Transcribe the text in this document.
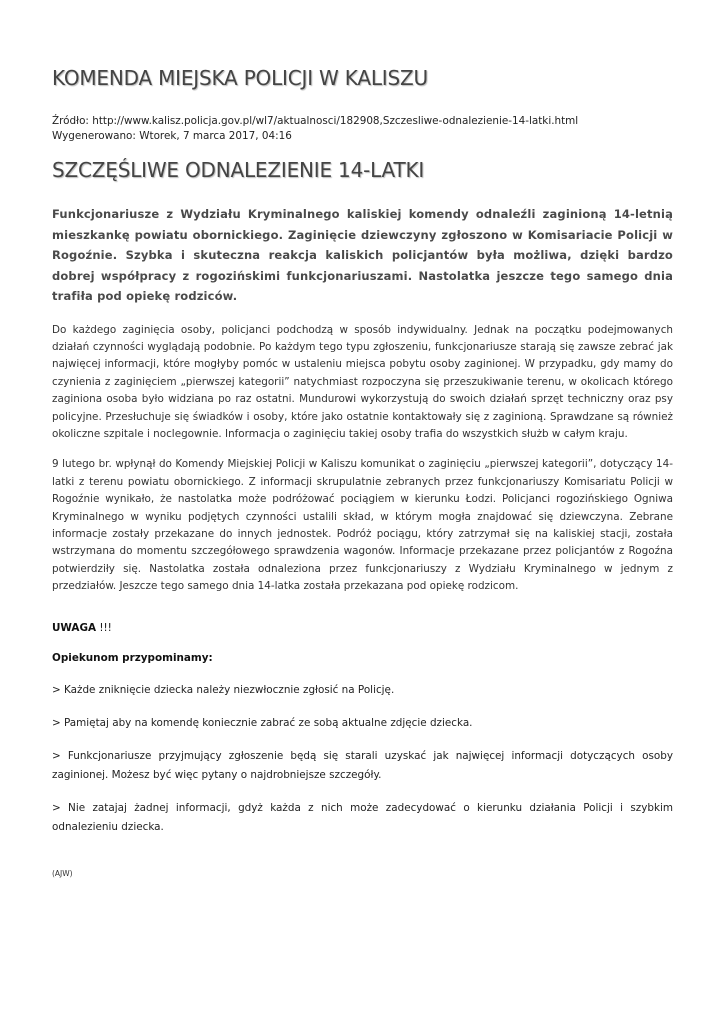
KOMENDA MIEJSKA POLICJI W KALISZU
Źródło: http://www.kalisz.policja.gov.pl/wl7/aktualnosci/182908,Szczesliwe-odnalezienie-14-latki.html
Wygenerowano: Wtorek, 7 marca 2017, 04:16
SZCZĘŚLIWE ODNALEZIENIE 14-LATKI
Funkcjonariusze z Wydziału Kryminalnego kaliskiej komendy odnaleźli zaginioną 14-letnią mieszkankę powiatu obornickiego. Zaginięcie dziewczyny zgłoszono w Komisariacie Policji w Rogoźnie. Szybka i skuteczna reakcja kaliskich policjantów była możliwa, dzięki bardzo dobrej współpracy z rogozińskimi funkcjonariuszami. Nastolatka jeszcze tego samego dnia trafiła pod opiekę rodziców.
Do każdego zaginięcia osoby, policjanci podchodzą w sposób indywidualny. Jednak na początku podejmowanych działań czynności wyglądają podobnie. Po każdym tego typu zgłoszeniu, funkcjonariusze starają się zawsze zebrać jak najwięcej informacji, które mogłyby pomóc w ustaleniu miejsca pobytu osoby zaginionej. W przypadku, gdy mamy do czynienia z zaginięciem „pierwszej kategorii” natychmiast rozpoczyna się przeszukiwanie terenu, w okolicach którego zaginiona osoba było widziana po raz ostatni. Mundurowi wykorzystują do swoich działań sprzęt techniczny oraz psy policyjne. Przesłuchuje się świadków i osoby, które jako ostatnie kontaktowały się z zaginioną. Sprawdzane są również okoliczne szpitale i noclegownie. Informacja o zaginięciu takiej osoby trafia do wszystkich służb w całym kraju.
9 lutego br. wpłynął do Komendy Miejskiej Policji w Kaliszu komunikat o zaginięciu „pierwszej kategorii”, dotyczący 14-latki z terenu powiatu obornickiego. Z informacji skrupulatnie zebranych przez funkcjonariuszy Komisariatu Policji w Rogoźnie wynikało, że nastolatka może podróżować pociągiem w kierunku Łodzi. Policjanci rogozińskiego Ogniwa Kryminalnego w wyniku podjętych czynności ustalili skład, w którym mogła znajdować się dziewczyna. Zebrane informacje zostały przekazane do innych jednostek. Podróż pociągu, który zatrzymał się na kaliskiej stacji, została wstrzymana do momentu szczegółowego sprawdzenia wagonów. Informacje przekazane przez policjantów z Rogoźna potwierdziły się. Nastolatka została odnaleziona przez funkcjonariuszy z Wydziału Kryminalnego w jednym z przedziałów. Jeszcze tego samego dnia 14-latka została przekazana pod opiekę rodzicom.
UWAGA !!!
Opiekunom przypominamy:
> Każde zniknięcie dziecka należy niezwłocznie zgłosić na Policję.
> Pamiętaj aby na komendę koniecznie zabrać ze sobą aktualne zdjęcie dziecka.
> Funkcjonariusze przyjmujący zgłoszenie będą się starali uzyskać jak najwięcej informacji dotyczących osoby zaginionej. Możesz być więc pytany o najdrobniejsze szczegóły.
> Nie zatajaj żadnej informacji, gdyż każda z nich może zadecydować o kierunku działania Policji i szybkim odnalezieniu dziecka.
(AJW)
